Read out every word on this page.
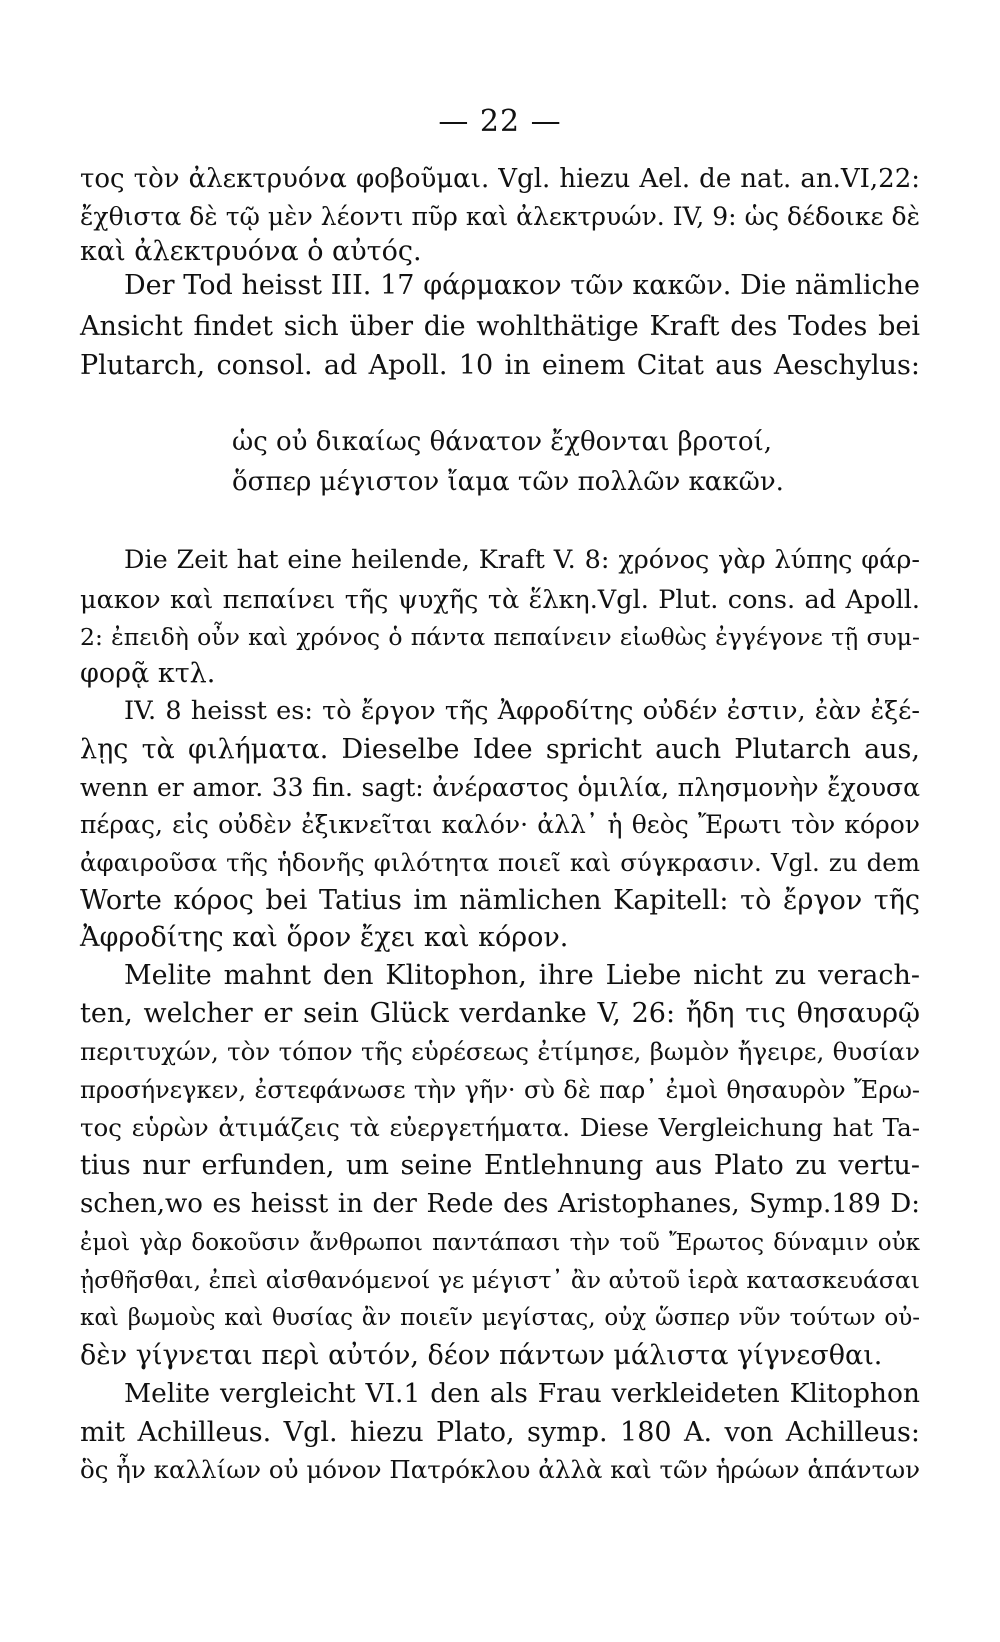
— 22 —
τος τὸν ἀλεκτρυόνα φοβοῦμαι. Vgl. hiezu Ael. de nat. an.VI,22:
ἔχθιστα δὲ τῷ μὲν λέοντι πῦρ καὶ ἀλεκτρυών. IV, 9: ὡς δέδοικε δὲ
καὶ ἀλεκτρυόνα ὁ αὐτός.
Der Tod heisst III. 17 φάρμακον τῶν κακῶν. Die nämliche
Ansicht findet sich über die wohlthätige Kraft des Todes bei
Plutarch, consol. ad Apoll. 10 in einem Citat aus Aeschylus:
ὡς οὐ δικαίως θάνατον ἔχθονται βροτοί,
ὅσπερ μέγιστον ἴαμα τῶν πολλῶν κακῶν.
Die Zeit hat eine heilende, Kraft V. 8: χρόνος γὰρ λύπης φάρ-
μακον καὶ πεπαίνει τῆς ψυχῆς τὰ ἕλκη.Vgl. Plut. cons. ad Apoll.
2: ἐπειδὴ οὖν καὶ χρόνος ὁ πάντα πεπαίνειν εἰωθὼς ἐγγέγονε τῇ συμ-
φορᾷ κτλ.
IV. 8 heisst es: τὸ ἔργον τῆς Ἀφροδίτης οὐδέν ἐστιν, ἐὰν ἐξέ-
λῃς τὰ φιλήματα. Dieselbe Idee spricht auch Plutarch aus,
wenn er amor. 33 fin. sagt: ἀνέραστος ὁμιλία, πλησμονὴν ἔχουσα
πέρας, εἰς οὐδὲν ἐξικνεῖται καλόν· ἀλλ᾽ ἡ θεὸς Ἔρωτι τὸν κόρον
ἀφαιροῦσα τῆς ἡδονῆς φιλότητα ποιεῖ καὶ σύγκρασιν. Vgl. zu dem
Worte κόρος bei Tatius im nämlichen Kapitell: τὸ ἔργον τῆς
Ἀφροδίτης καὶ ὅρον ἔχει καὶ κόρον.
Melite mahnt den Klitophon, ihre Liebe nicht zu verach-
ten, welcher er sein Glück verdanke V, 26: ἤδη τις θησαυρῷ
περιτυχών, τὸν τόπον τῆς εὑρέσεως ἐτίμησε, βωμὸν ἤγειρε, θυσίαν
προσήνεγκεν, ἐστεφάνωσε τὴν γῆν· σὺ δὲ παρ᾽ ἐμοὶ θησαυρὸν Ἔρω-
τος εὑρὼν ἀτιμάζεις τὰ εὐεργετήματα. Diese Vergleichung hat Ta-
tius nur erfunden, um seine Entlehnung aus Plato zu vertu-
schen,wo es heisst in der Rede des Aristophanes, Symp.189 D:
ἐμοὶ γὰρ δοκοῦσιν ἄνθρωποι παντάπασι τὴν τοῦ Ἔρωτος δύναμιν οὐκ
ᾐσθῆσθαι, ἐπεὶ αἰσθανόμενοί γε μέγιστ᾽ ἂν αὐτοῦ ἱερὰ κατασκευάσαι
καὶ βωμοὺς καὶ θυσίας ἂν ποιεῖν μεγίστας, οὐχ ὥσπερ νῦν τούτων οὐ-
δὲν γίγνεται περὶ αὐτόν, δέον πάντων μάλιστα γίγνεσθαι.
Melite vergleicht VI.1 den als Frau verkleideten Klitophon
mit Achilleus. Vgl. hiezu Plato, symp. 180 A. von Achilleus:
ὃς ἦν καλλίων οὐ μόνον Πατρόκλου ἀλλὰ καὶ τῶν ἡρώων ἁπάντων
